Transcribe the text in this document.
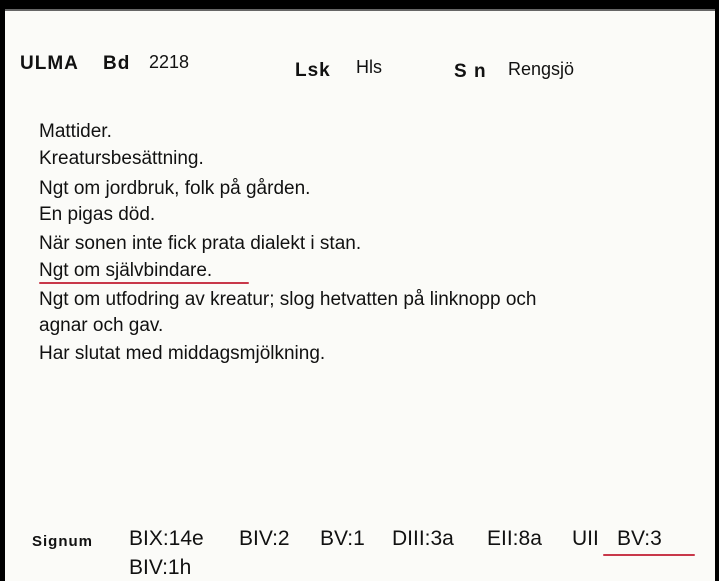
ULMA Bd 2218	Lsk Hls	S n Rengsjö
Mattider.
Kreatursbesättning.
Ngt om jordbruk, folk på gården.
En pigas död.
När sonen inte fick prata dialekt i stan.
Ngt om självbindare.
Ngt om utfodring av kreatur; slog hetvatten på linknopp och
agnar och gav.
Har slutat med middagsmjölkning.
Signum BIX:14e BIV:2 BV:1 DIII:3a EII:8a UII BV:3
BIV:1h
